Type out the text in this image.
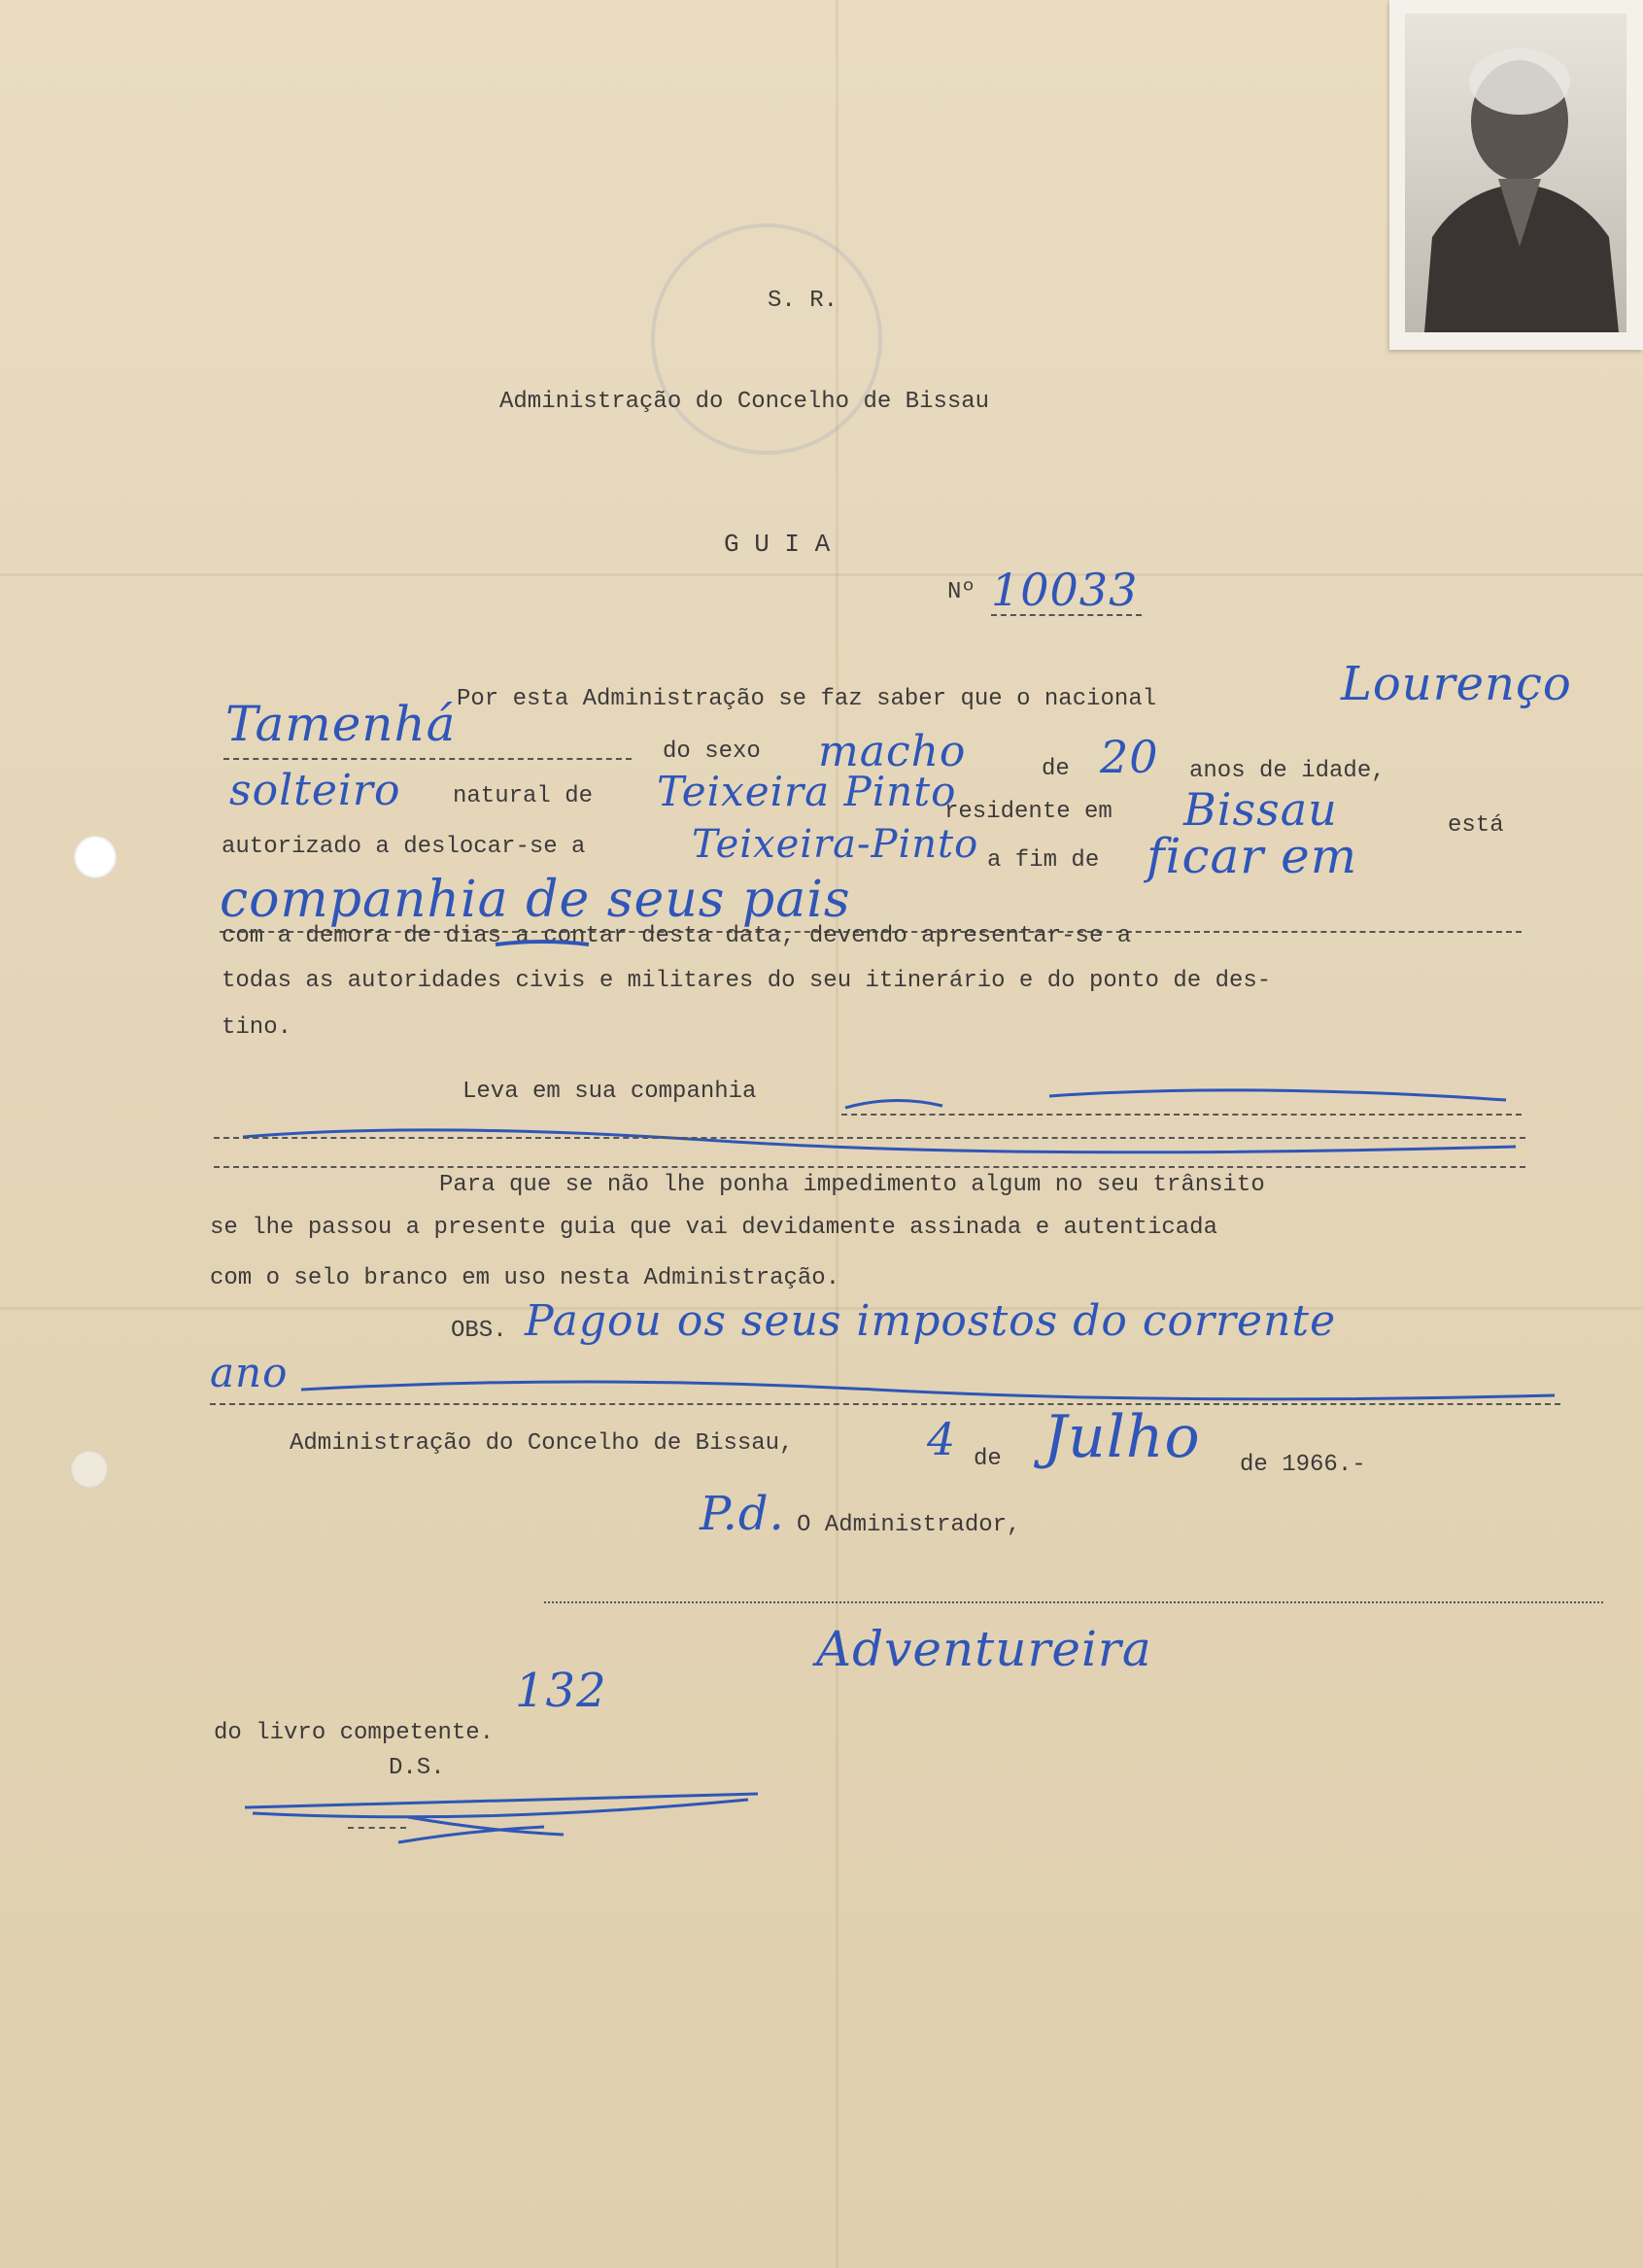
S. R.
Administração do Concelho de Bissau
G U I A
Nº 10033
Por esta Administração se faz saber que o nacional	Lourenço
Tamenhá	do sexo macho	de 20 anos de idade,
solteiro natural de Teixeira Pinto
residente em Bissau	está
autorizado a deslocar-se a	Teixeira-Pinto a fim de ficar em
companhia de seus pais
com a demora de dias a contar desta data, devendo apresentar-se a
todas as autoridades civis e militares do seu itinerário e do ponto de des-
tino.
Leva em sua companhia
Para que se não lhe ponha impedimento algum no seu trânsito
se lhe passou a presente guia que vai devidamente assinada e autenticada
com o selo branco em uso nesta Administração.
OBS. Pagou os seus impostos do corrente
ano
Administração do Concelho de Bissau,	4 de Julho de 1966.-
P.d. O Administrador,
Adventureira
132
do livro competente.
D.S.
